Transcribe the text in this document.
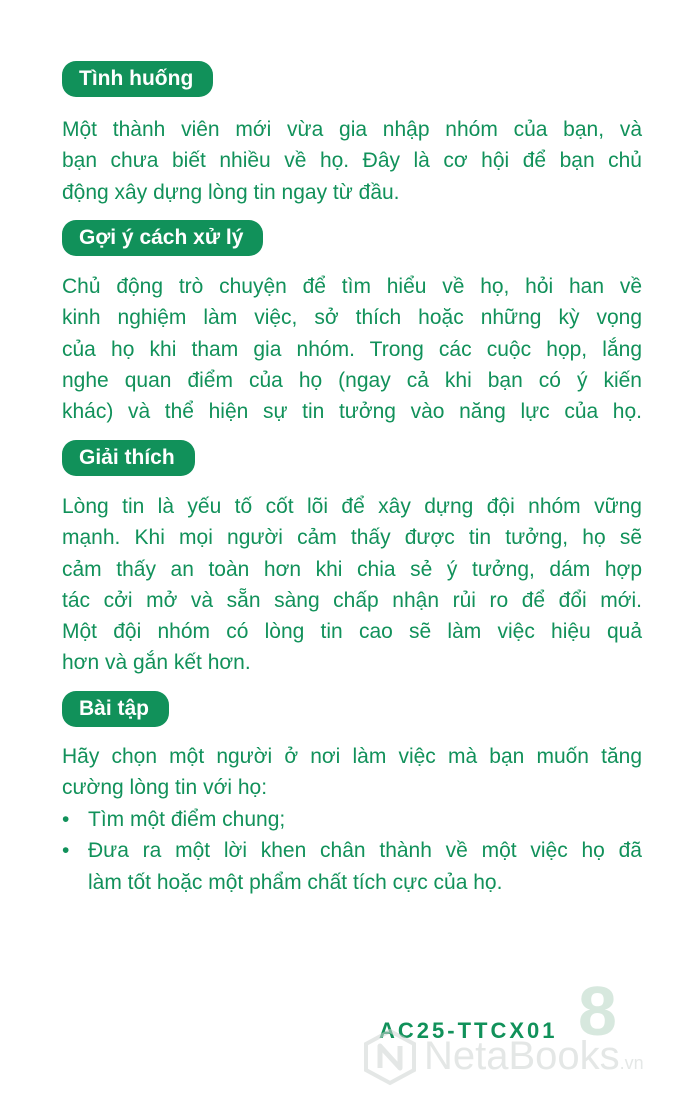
Tình huống

Một thành viên mới vừa gia nhập nhóm của bạn, và
bạn chưa biết nhiều về họ. Đây là cơ hội để bạn chủ
động xây dựng lòng tin ngay từ đầu.

Gợi ý cách xử lý

Chủ động trò chuyện để tìm hiểu về họ, hỏi han về
kinh nghiệm làm việc, sở thích hoặc những kỳ vọng
của họ khi tham gia nhóm. Trong các cuộc họp, lắng
nghe quan điểm của họ (ngay cả khi bạn có ý kiến
khác) và thể hiện sự tin tưởng vào năng lực của họ.

Giải thích

Lòng tin là yếu tố cốt lõi để xây dựng đội nhóm vững
mạnh. Khi mọi người cảm thấy được tin tưởng, họ sẽ
cảm thấy an toàn hơn khi chia sẻ ý tưởng, dám hợp
tác cởi mở và sẵn sàng chấp nhận rủi ro để đổi mới.
Một đội nhóm có lòng tin cao sẽ làm việc hiệu quả
hơn và gắn kết hơn.

Bài tập

Hãy chọn một người ở nơi làm việc mà bạn muốn tăng
cường lòng tin với họ:

• Tìm một điểm chung;
• Đưa ra một lời khen chân thành về một việc họ đã
làm tốt hoặc một phẩm chất tích cực của họ.
8
AC25-TTCX01
NetaBooks.vn
